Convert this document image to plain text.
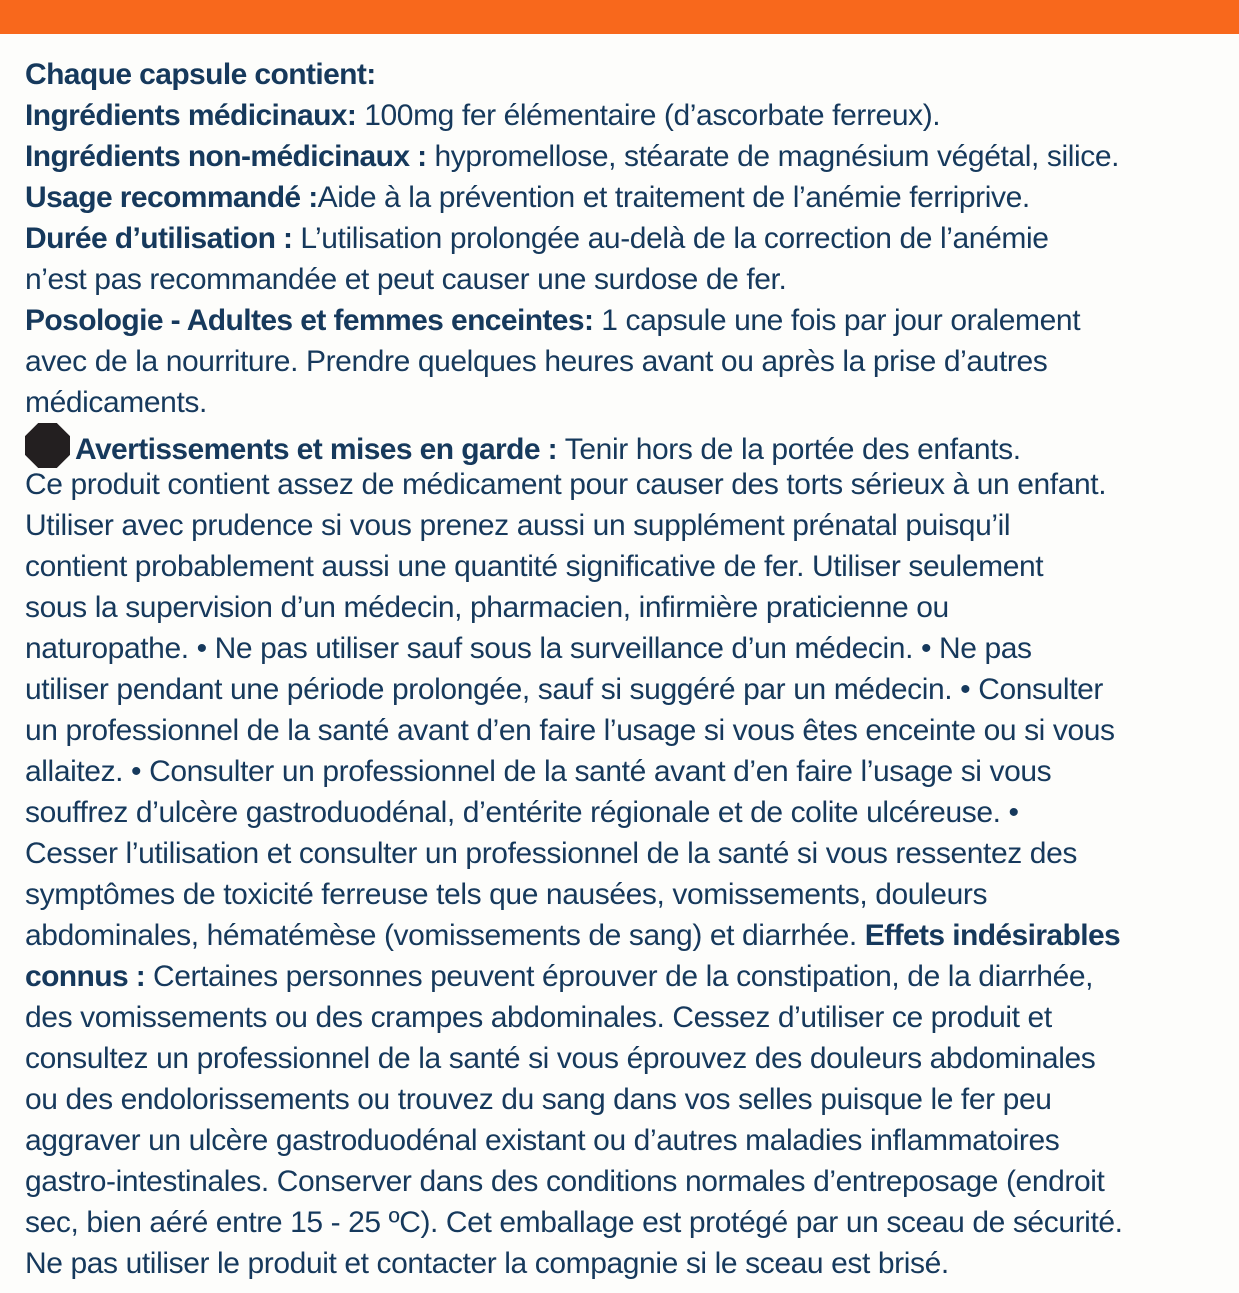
Chaque capsule contient:
Ingrédients médicinaux: 100mg fer élémentaire (d’ascorbate ferreux).
Ingrédients non-médicinaux : hypromellose, stéarate de magnésium végétal, silice.
Usage recommandé :Aide à la prévention et traitement de l’anémie ferriprive.
Durée d’utilisation : L’utilisation prolongée au-delà de la correction de l’anémie
n’est pas recommandée et peut causer une surdose de fer.
Posologie - Adultes et femmes enceintes: 1 capsule une fois par jour oralement
avec de la nourriture. Prendre quelques heures avant ou après la prise d’autres
médicaments.
Avertissements et mises en garde : Tenir hors de la portée des enfants.
Ce produit contient assez de médicament pour causer des torts sérieux à un enfant.
Utiliser avec prudence si vous prenez aussi un supplément prénatal puisqu’il
contient probablement aussi une quantité significative de fer. Utiliser seulement
sous la supervision d’un médecin, pharmacien, infirmière praticienne ou
naturopathe. • Ne pas utiliser sauf sous la surveillance d’un médecin. • Ne pas
utiliser pendant une période prolongée, sauf si suggéré par un médecin. • Consulter
un professionnel de la santé avant d’en faire l’usage si vous êtes enceinte ou si vous
allaitez. • Consulter un professionnel de la santé avant d’en faire l’usage si vous
souffrez d’ulcère gastroduodénal, d’entérite régionale et de colite ulcéreuse. •
Cesser l’utilisation et consulter un professionnel de la santé si vous ressentez des
symptômes de toxicité ferreuse tels que nausées, vomissements, douleurs
abdominales, hématémèse (vomissements de sang) et diarrhée. Effets indésirables
connus : Certaines personnes peuvent éprouver de la constipation, de la diarrhée,
des vomissements ou des crampes abdominales. Cessez d’utiliser ce produit et
consultez un professionnel de la santé si vous éprouvez des douleurs abdominales
ou des endolorissements ou trouvez du sang dans vos selles puisque le fer peu
aggraver un ulcère gastroduodénal existant ou d’autres maladies inflammatoires
gastro-intestinales. Conserver dans des conditions normales d’entreposage (endroit
sec, bien aéré entre 15 - 25 ºC). Cet emballage est protégé par un sceau de sécurité.
Ne pas utiliser le produit et contacter la compagnie si le sceau est brisé.
